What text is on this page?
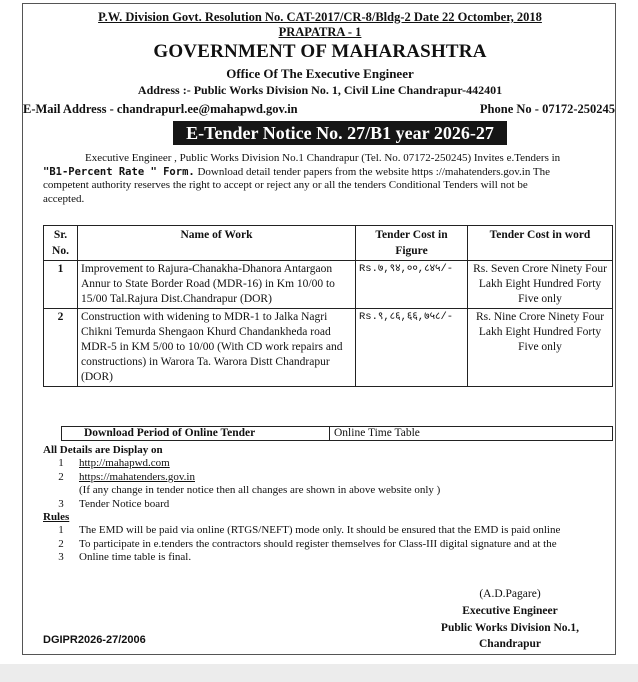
P.W. Division Govt. Resolution No. CAT-2017/CR-8/Bldg-2 Date 22 Octomber, 2018
PRAPATRA - 1
GOVERNMENT OF MAHARASHTRA
Office Of The Executive Engineer
Address :- Public Works Division No. 1, Civil Line Chandrapur-442401
E-Mail Address - chandrapurl.ee@mahapwd.gov.in	Phone No - 07172-250245
E-Tender Notice No. 27/B1 year 2026-27

Executive Engineer , Public Works Division No.1 Chandrapur (Tel. No. 07172-250245) Invites e.Tenders in

"B1-Percent Rate " Form. Download detail tender papers from the website https ://mahatenders.gov.in The

competent authority reserves the right to accept or reject any or all the tenders Conditional Tenders will not be

accepted.

Sr. No.	Name of Work	Tender Cost in Figure	Tender Cost in word
1	Improvement to Rajura-Chanakha-Dhanora Antargaon Annur to State Border Road (MDR-16) in Km 10/00 to 15/00 Tal.Rajura Dist.Chandrapur (DOR)	Rs.७,९४,००,८४५/-	Rs. Seven Crore Ninety Four Lakh Eight Hundred Forty Five only
2	Construction with widening to MDR-1 to Jalka Nagri Chikni Temurda Shengaon Khurd Chandankheda road MDR-5 in KM 5/00 to 10/00 (With CD work repairs and constructions) in Warora Ta. Warora Distt Chandrapur (DOR)	Rs.९,८६,६६,७५८/-	Rs. Nine Crore Ninety Four Lakh Eight Hundred Forty Five only
Download Period of Online Tender	Online Time Table
All Details are Display on
1 http://mahapwd.com
2 https://mahatenders.gov.in
(If any change in tender notice then all changes are shown in above website only )
3 Tender Notice board
Rules
1 The EMD will be paid via online (RTGS/NEFT) mode only. It should be ensured that the EMD is paid online
2 To participate in e.tenders the contractors should register themselves for Class-III digital signature and at the
3 Online time table is final.
(A.D.Pagare)
Executive Engineer
Public Works Division No.1,
Chandrapur
DGIPR2026-27/2006
